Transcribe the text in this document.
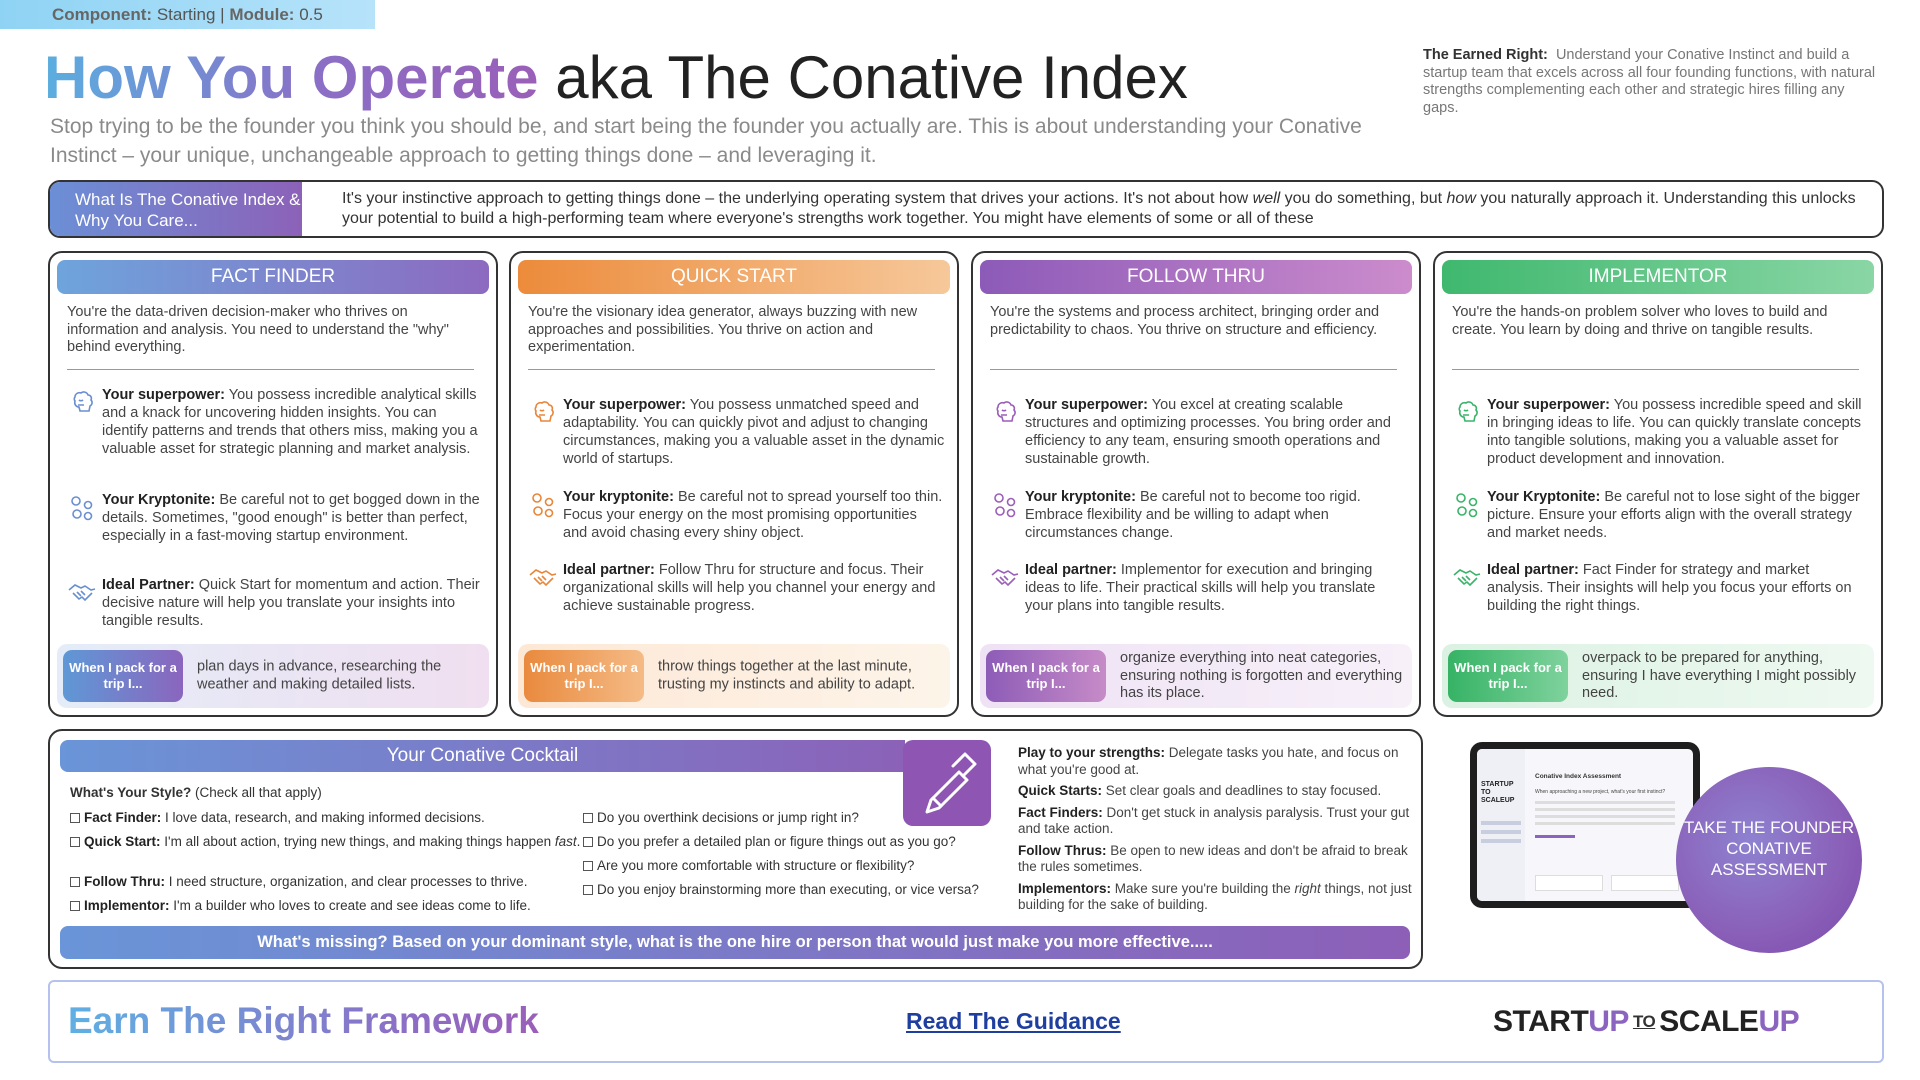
Component: Starting | Module: 0.5
How You Operate aka The Conative Index
Stop trying to be the founder you think you should be, and start being the founder you actually are. This is about understanding your Conative Instinct – your unique, unchangeable approach to getting things done – and leveraging it.
The Earned Right: Understand your Conative Instinct and build a startup team that excels across all four founding functions, with natural strengths complementing each other and strategic hires filling any gaps.
What Is The Conative Index & Why You Care...
It's your instinctive approach to getting things done – the underlying operating system that drives your actions. It's not about how well you do something, but how you naturally approach it. Understanding this unlocks your potential to build a high-performing team where everyone's strengths work together. You might have elements of some or all of these
FACT FINDER
You're the data-driven decision-maker who thrives on information and analysis. You need to understand the "why" behind everything.
Your superpower: You possess incredible analytical skills and a knack for uncovering hidden insights. You can identify patterns and trends that others miss, making you a valuable asset for strategic planning and market analysis.
Your Kryptonite: Be careful not to get bogged down in the details. Sometimes, "good enough" is better than perfect, especially in a fast-moving startup environment.
Ideal Partner: Quick Start for momentum and action. Their decisive nature will help you translate your insights into tangible results.
When I pack for a trip I...
plan days in advance, researching the weather and making detailed lists.
QUICK START
You're the visionary idea generator, always buzzing with new approaches and possibilities. You thrive on action and experimentation.
Your superpower: You possess unmatched speed and adaptability. You can quickly pivot and adjust to changing circumstances, making you a valuable asset in the dynamic world of startups.
Your kryptonite: Be careful not to spread yourself too thin. Focus your energy on the most promising opportunities and avoid chasing every shiny object.
Ideal partner: Follow Thru for structure and focus. Their organizational skills will help you channel your energy and achieve sustainable progress.
When I pack for a trip I...
throw things together at the last minute, trusting my instincts and ability to adapt.
FOLLOW THRU
You're the systems and process architect, bringing order and predictability to chaos. You thrive on structure and efficiency.
Your superpower: You excel at creating scalable structures and optimizing processes. You bring order and efficiency to any team, ensuring smooth operations and sustainable growth.
Your kryptonite: Be careful not to become too rigid. Embrace flexibility and be willing to adapt when circumstances change.
Ideal partner: Implementor for execution and bringing ideas to life. Their practical skills will help you translate your plans into tangible results.
When I pack for a trip I...
organize everything into neat categories, ensuring nothing is forgotten and everything has its place.
IMPLEMENTOR
You're the hands-on problem solver who loves to build and create. You learn by doing and thrive on tangible results.
Your superpower: You possess incredible speed and skill in bringing ideas to life. You can quickly translate concepts into tangible solutions, making you a valuable asset for product development and innovation.
Your Kryptonite: Be careful not to lose sight of the bigger picture. Ensure your efforts align with the overall strategy and market needs.
Ideal partner: Fact Finder for strategy and market analysis. Their insights will help you focus your efforts on building the right things.
When I pack for a trip I...
overpack to be prepared for anything, ensuring I have everything I might possibly need.
Your Conative Cocktail
What's Your Style? (Check all that apply)
Fact Finder: I love data, research, and making informed decisions.
Quick Start: I'm all about action, trying new things, and making things happen fast.
Follow Thru: I need structure, organization, and clear processes to thrive.
Implementor: I'm a builder who loves to create and see ideas come to life.
Do you overthink decisions or jump right in?
Do you prefer a detailed plan or figure things out as you go?
Are you more comfortable with structure or flexibility?
Do you enjoy brainstorming more than executing, or vice versa?

Play to your strengths: Delegate tasks you hate, and focus on what you're good at.

Quick Starts: Set clear goals and deadlines to stay focused.

Fact Finders: Don't get stuck in analysis paralysis. Trust your gut and take action.

Follow Thrus: Be open to new ideas and don't be afraid to break the rules sometimes.

Implementors: Make sure you're building the right things, not just building for the sake of building.

What's missing? Based on your dominant style, what is the one hire or person that would just make you more effective.....
STARTUP TO SCALEUP
Conative Index Assessment
When approaching a new project, what's your first instinct?
TAKE THE FOUNDER CONATIVE ASSESSMENT
Earn The Right Framework	Read The Guidance	STARTUP TO SCALEUP
